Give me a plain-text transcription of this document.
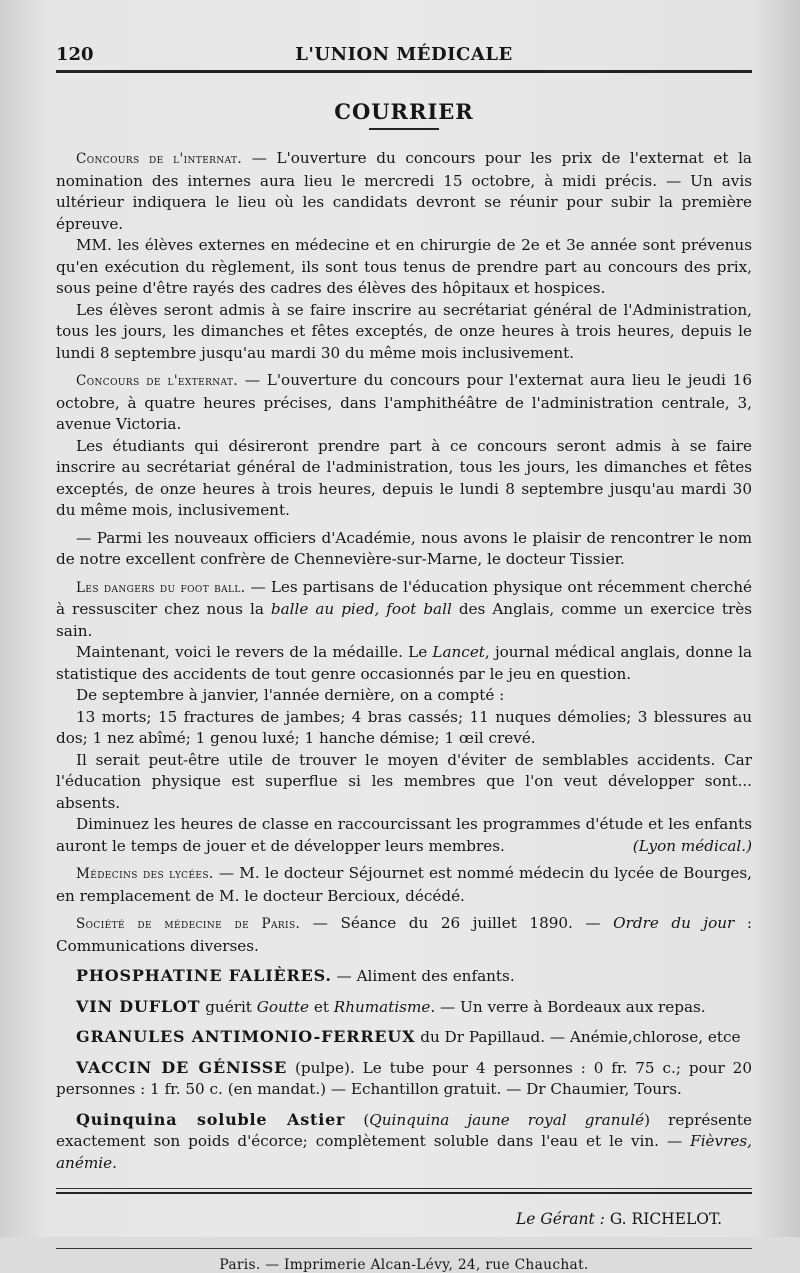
120	L'UNION MÉDICALE
COURRIER

Concours de l'internat. — L'ouverture du concours pour les prix de l'externat et la nomination des internes aura lieu le mercredi 15 octobre, à midi précis. — Un avis ultérieur indiquera le lieu où les candidats devront se réunir pour subir la première épreuve.

MM. les élèves externes en médecine et en chirurgie de 2e et 3e année sont prévenus qu'en exécution du règlement, ils sont tous tenus de prendre part au concours des prix, sous peine d'être rayés des cadres des élèves des hôpitaux et hospices.

Les élèves seront admis à se faire inscrire au secrétariat général de l'Administration, tous les jours, les dimanches et fêtes exceptés, de onze heures à trois heures, depuis le lundi 8 septembre jusqu'au mardi 30 du même mois inclusivement.

Concours de l'externat. — L'ouverture du concours pour l'externat aura lieu le jeudi 16 octobre, à quatre heures précises, dans l'amphithéâtre de l'administration centrale, 3, avenue Victoria.

Les étudiants qui désireront prendre part à ce concours seront admis à se faire inscrire au secrétariat général de l'administration, tous les jours, les dimanches et fêtes exceptés, de onze heures à trois heures, depuis le lundi 8 septembre jusqu'au mardi 30 du même mois, inclusivement.

— Parmi les nouveaux officiers d'Académie, nous avons le plaisir de rencontrer le nom de notre excellent confrère de Chennevière-sur-Marne, le docteur Tissier.

Les dangers du foot ball. — Les partisans de l'éducation physique ont récemment cherché à ressusciter chez nous la balle au pied, foot ball des Anglais, comme un exercice très sain.

Maintenant, voici le revers de la médaille. Le Lancet, journal médical anglais, donne la statistique des accidents de tout genre occasionnés par le jeu en question.

De septembre à janvier, l'année dernière, on a compté :

13 morts; 15 fractures de jambes; 4 bras cassés; 11 nuques démolies; 3 blessures au dos; 1 nez abîmé; 1 genou luxé; 1 hanche démise; 1 œil crevé.

Il serait peut-être utile de trouver le moyen d'éviter de semblables accidents. Car l'éducation physique est superflue si les membres que l'on veut développer sont... absents.

Diminuez les heures de classe en raccourcissant les programmes d'étude et les enfants auront le temps de jouer et de développer leurs membres.	(Lyon médical.)

Médecins des lycées. — M. le docteur Séjournet est nommé médecin du lycée de Bourges, en remplacement de M. le docteur Bercioux, décédé.

Société de médecine de Paris. — Séance du 26 juillet 1890. — Ordre du jour : Communications diverses.

PHOSPHATINE FALIÈRES. — Aliment des enfants.
VIN DUFLOT guérit Goutte et Rhumatisme. — Un verre à Bordeaux aux repas.
GRANULES ANTIMONIO-FERREUX du Dr Papillaud. — Anémie,chlorose, etce
VACCIN DE GÉNISSE (pulpe). Le tube pour 4 personnes : 0 fr. 75 c.; pour 20 personnes : 1 fr. 50 c. (en mandat.) — Echantillon gratuit. — Dr Chaumier, Tours.
Quinquina soluble Astier (Quinquina jaune royal granulé) représente exactement son poids d'écorce; complètement soluble dans l'eau et le vin. — Fièvres, anémie.
Le Gérant : G. RICHELOT.
Paris. — Imprimerie Alcan-Lévy, 24, rue Chauchat.
